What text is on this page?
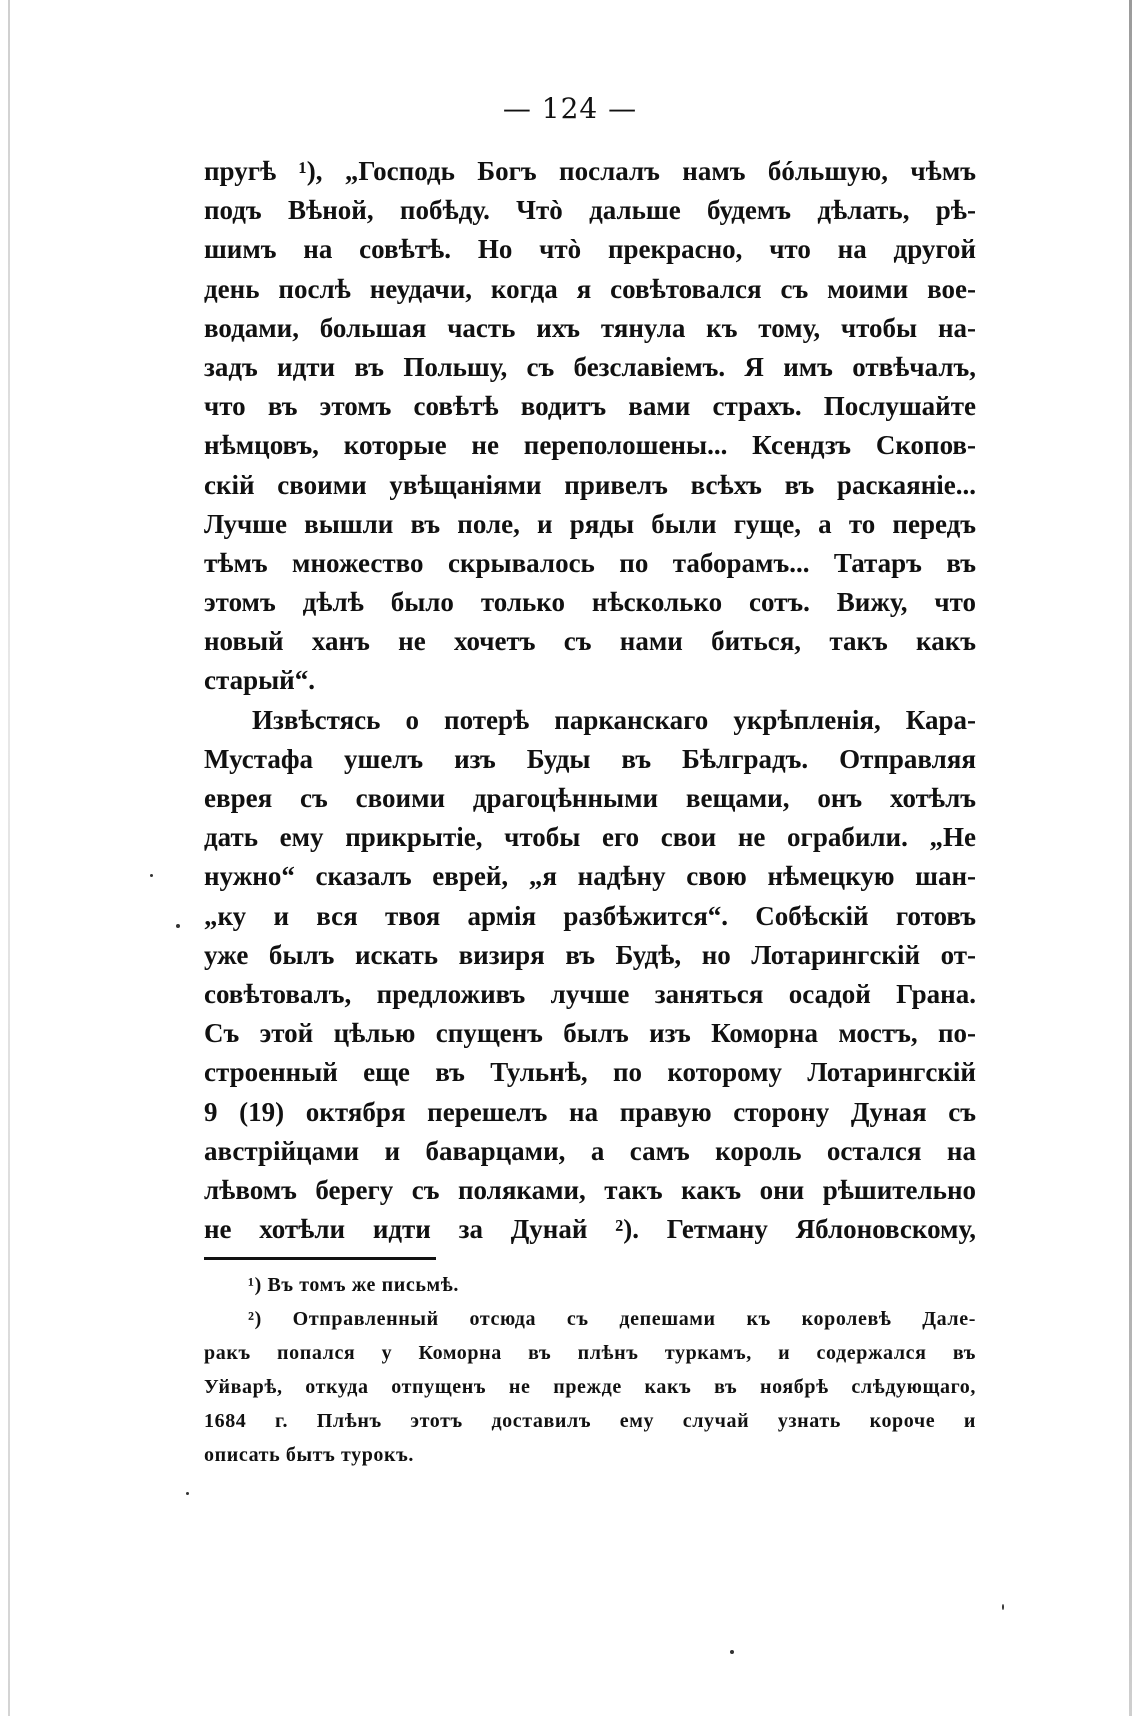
— 124 —
пругѣ ¹), „Господь Богъ послалъ намъ бóльшую, чѣмъ
подъ Вѣной, побѣду. Чтò дальше будемъ дѣлать, рѣ-
шимъ на совѣтѣ. Но чтò прекрасно, что на другой
день послѣ неудачи, когда я совѣтовался съ моими вое-
водами, большая часть ихъ тянула къ тому, чтобы на-
задъ идти въ Польшу, съ безславіемъ. Я имъ отвѣчалъ,
что въ этомъ совѣтѣ водитъ вами страхъ. Послушайте
нѣмцовъ, которые не переполошены... Ксендзъ Скопов-
скій своими увѣщаніями привелъ всѣхъ въ раскаяніе...
Лучше вышли въ поле, и ряды были гуще, а то передъ
тѣмъ множество скрывалось по таборамъ... Татаръ въ
этомъ дѣлѣ было только нѣсколько сотъ. Вижу, что
новый ханъ не хочетъ съ нами биться, такъ какъ
старый“.
Извѣстясь о потерѣ парканскаго укрѣпленія, Кара-
Мустафа ушелъ изъ Буды въ Бѣлградъ. Отправляя
еврея съ своими драгоцѣнными вещами, онъ хотѣлъ
дать ему прикрытіе, чтобы его свои не ограбили. „Не
нужно“ сказалъ еврей, „я надѣну свою нѣмецкую шан-
„ку и вся твоя армія разбѣжится“. Собѣскій готовъ
уже былъ искать визиря въ Будѣ, но Лотарингскій от-
совѣтовалъ, предложивъ лучше заняться осадой Грана.
Съ этой цѣлью спущенъ былъ изъ Коморна мостъ, по-
строенный еще въ Тульнѣ, по которому Лотарингскій
9 (19) октября перешелъ на правую сторону Дуная съ
австрійцами и баварцами, а самъ король остался на
лѣвомъ берегу съ поляками, такъ какъ они рѣшительно
не хотѣли идти за Дунай ²). Гетману Яблоновскому,
¹) Въ томъ же письмѣ.
²) Отправленный отсюда съ депешами къ королевѣ Дале-
ракъ попался у Коморна въ плѣнъ туркамъ, и содержался въ
Уйварѣ, откуда отпущенъ не прежде какъ въ ноябрѣ слѣдующаго,
1684 г. Плѣнъ этотъ доставилъ ему случай узнать короче и
описать бытъ турокъ.
